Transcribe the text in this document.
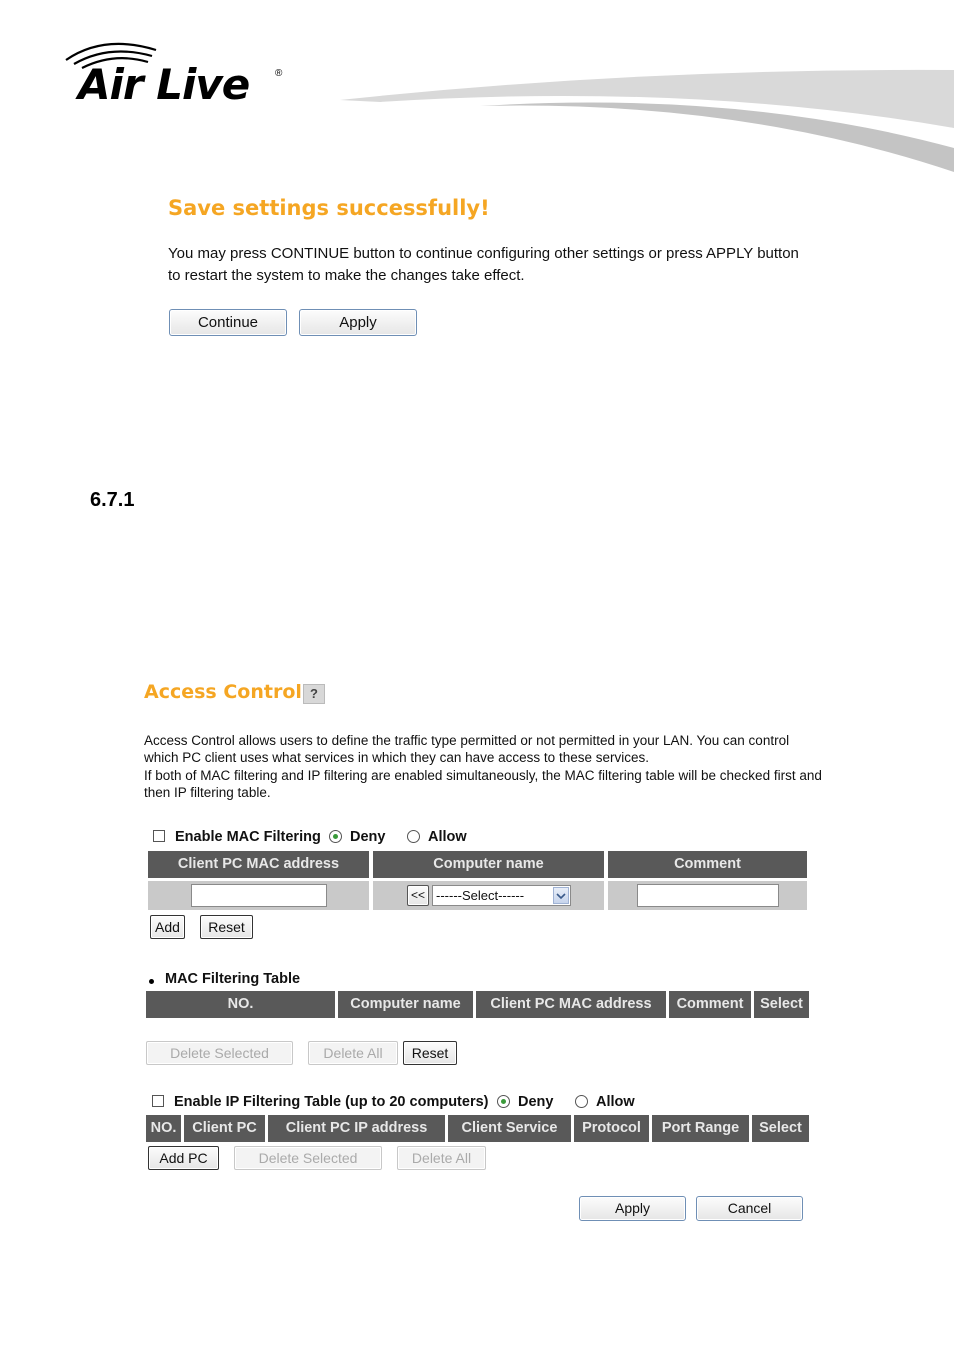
Air Live	®
Save settings successfully!
You may press CONTINUE button to continue configuring other settings or press APPLY button to restart the system to make the changes take effect.
Continue	Apply
6.7.1
Access Control ?
Access Control allows users to define the traffic type permitted or not permitted in your LAN. You can control which PC client uses what services in which they can have access to these services.
If both of MAC filtering and IP filtering are enabled simultaneously, the MAC filtering table will be checked first and then IP filtering table.
Enable MAC Filtering Deny	Allow
Client PC MAC address	Computer name	Comment
<< ------Select------
Add	Reset
MAC Filtering Table
NO.	Computer name	Client PC MAC address	Comment	Select
Delete Selected	Delete All	Reset
Enable IP Filtering Table (up to 20 computers) Deny	Allow
NO.	Client PC	Client PC IP address	Client Service	Protocol	Port Range	Select
Add PC	Delete Selected	Delete All
Apply	Cancel
